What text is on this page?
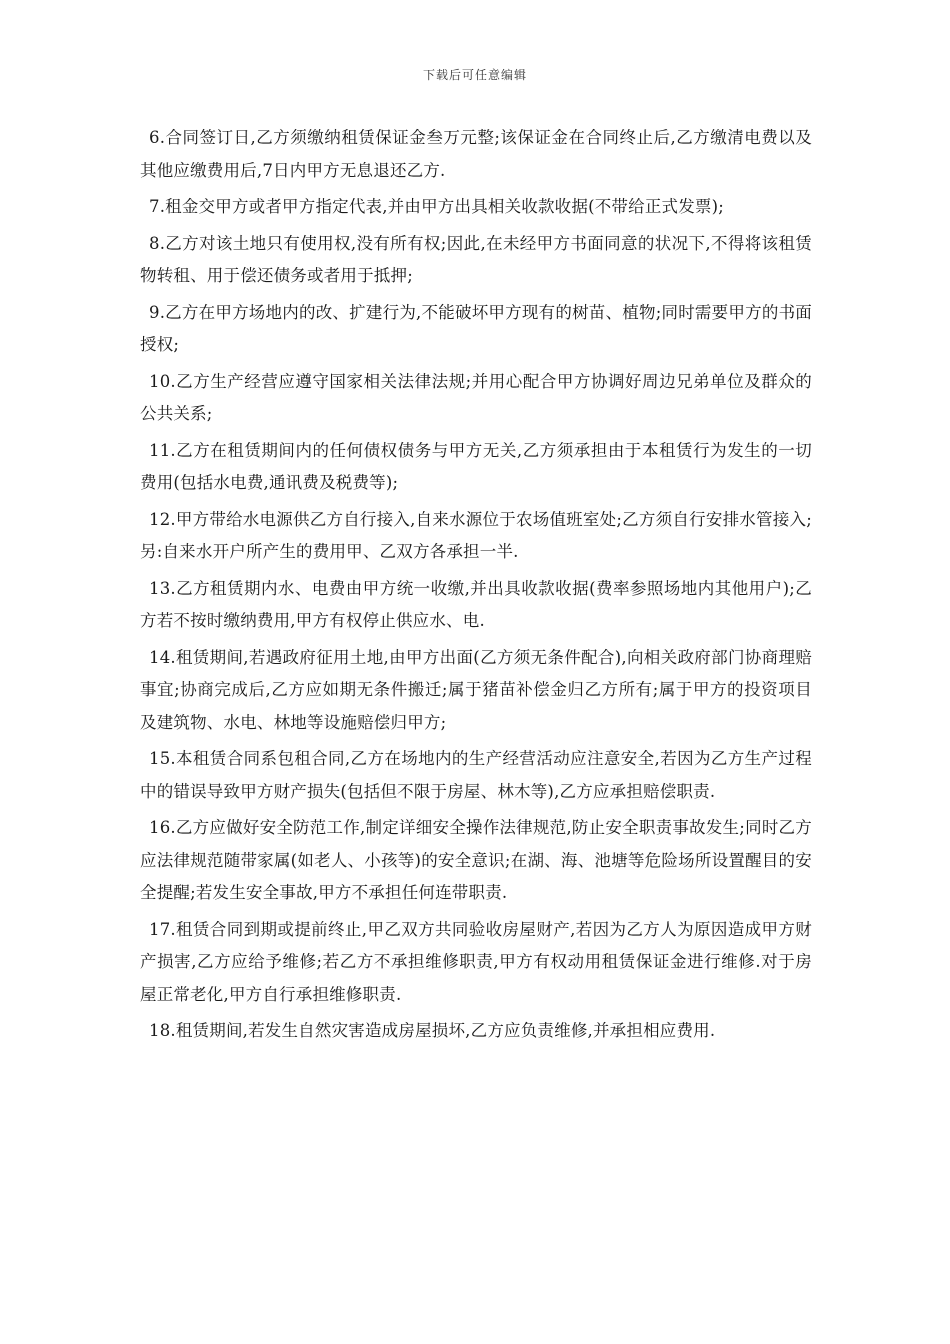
下载后可任意编辑

6.合同签订日,乙方须缴纳租赁保证金叁万元整;该保证金在合同终止后,乙方缴清电费以及其他应缴费用后,7日内甲方无息退还乙方.

7.租金交甲方或者甲方指定代表,并由甲方出具相关收款收据(不带给正式发票);

8.乙方对该土地只有使用权,没有所有权;因此,在未经甲方书面同意的状况下,不得将该租赁物转租、用于偿还债务或者用于抵押;

9.乙方在甲方场地内的改、扩建行为,不能破坏甲方现有的树苗、植物;同时需要甲方的书面授权;

10.乙方生产经营应遵守国家相关法律法规;并用心配合甲方协调好周边兄弟单位及群众的公共关系;

11.乙方在租赁期间内的任何债权债务与甲方无关,乙方须承担由于本租赁行为发生的一切费用(包括水电费,通讯费及税费等);

12.甲方带给水电源供乙方自行接入,自来水源位于农场值班室处;乙方须自行安排水管接入;另:自来水开户所产生的费用甲、乙双方各承担一半.

13.乙方租赁期内水、电费由甲方统一收缴,并出具收款收据(费率参照场地内其他用户);乙方若不按时缴纳费用,甲方有权停止供应水、电.

14.租赁期间,若遇政府征用土地,由甲方出面(乙方须无条件配合),向相关政府部门协商理赔事宜;协商完成后,乙方应如期无条件搬迁;属于猪苗补偿金归乙方所有;属于甲方的投资项目及建筑物、水电、林地等设施赔偿归甲方;

15.本租赁合同系包租合同,乙方在场地内的生产经营活动应注意安全,若因为乙方生产过程中的错误导致甲方财产损失(包括但不限于房屋、林木等),乙方应承担赔偿职责.

16.乙方应做好安全防范工作,制定详细安全操作法律规范,防止安全职责事故发生;同时乙方应法律规范随带家属(如老人、小孩等)的安全意识;在湖、海、池塘等危险场所设置醒目的安全提醒;若发生安全事故,甲方不承担任何连带职责.

17.租赁合同到期或提前终止,甲乙双方共同验收房屋财产,若因为乙方人为原因造成甲方财产损害,乙方应给予维修;若乙方不承担维修职责,甲方有权动用租赁保证金进行维修.对于房屋正常老化,甲方自行承担维修职责.

18.租赁期间,若发生自然灾害造成房屋损坏,乙方应负责维修,并承担相应费用.
